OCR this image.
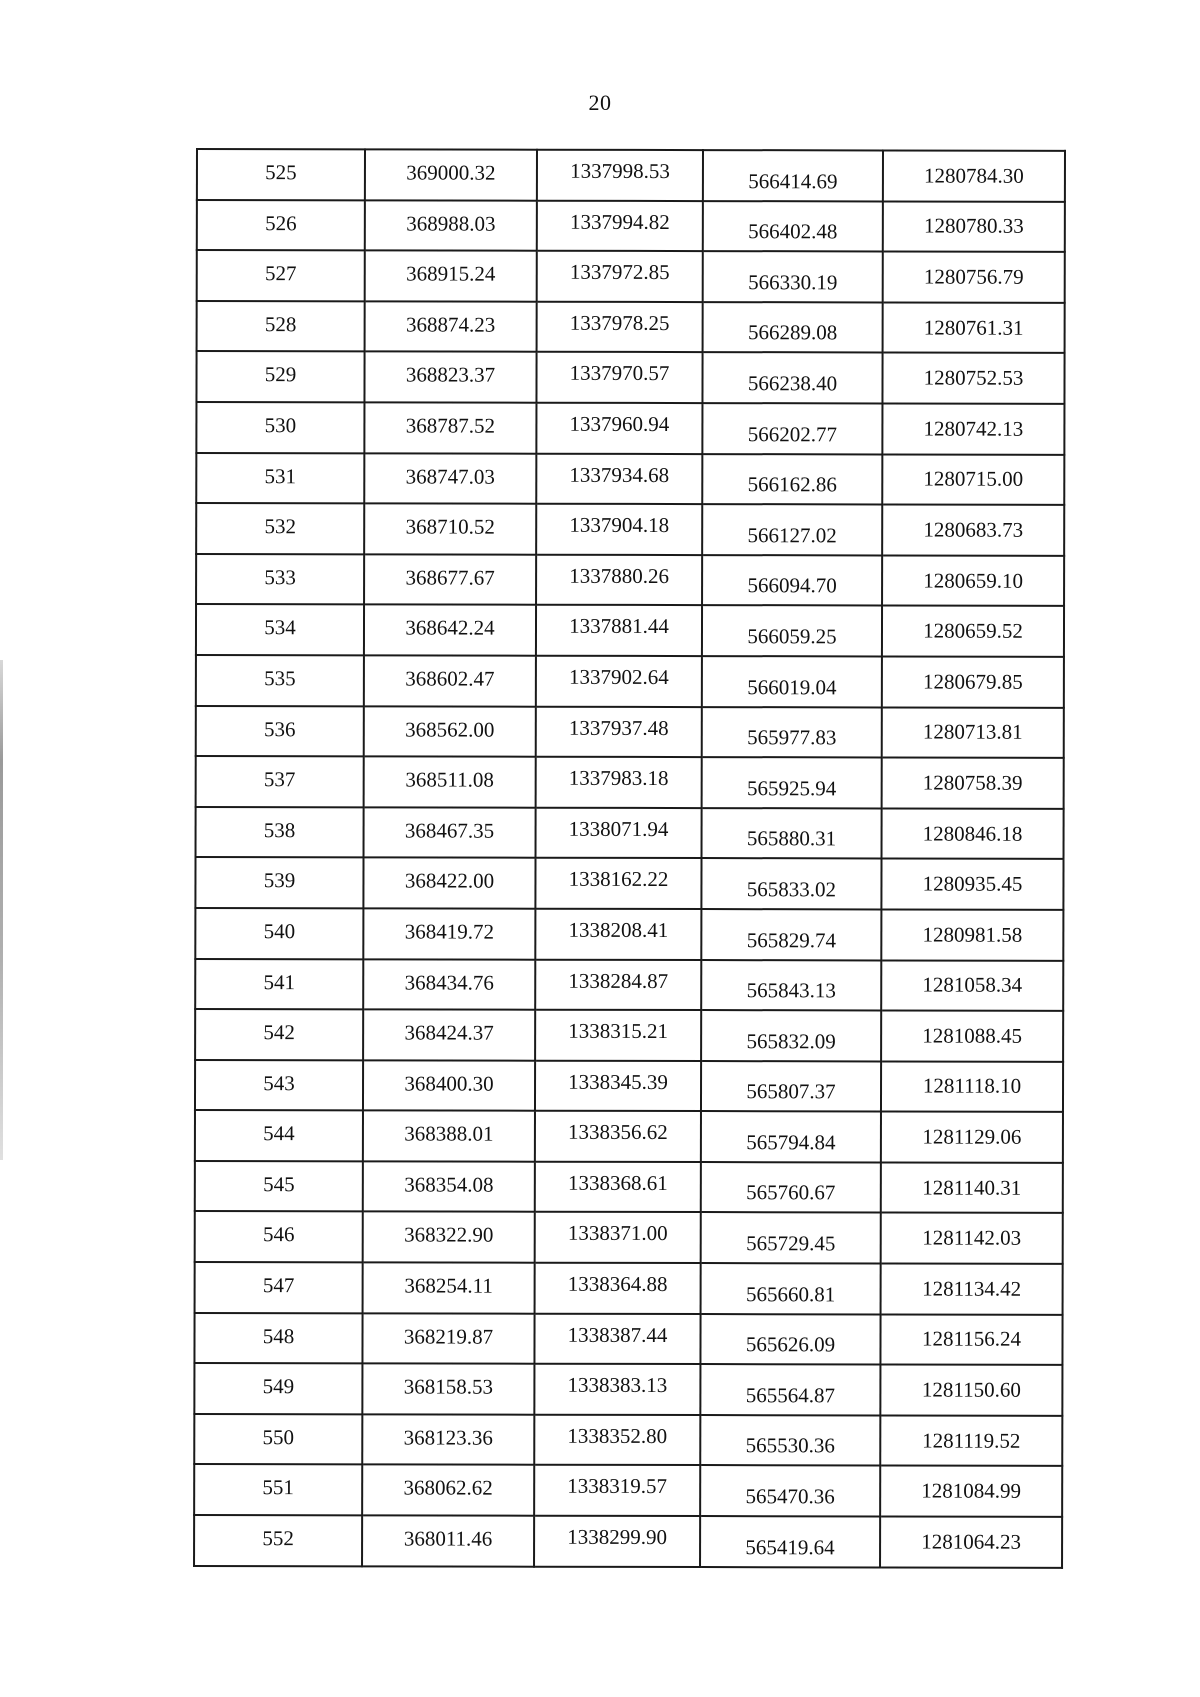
20
525	369000.32	1337998.53	566414.69	1280784.30
526	368988.03	1337994.82	566402.48	1280780.33
527	368915.24	1337972.85	566330.19	1280756.79
528	368874.23	1337978.25	566289.08	1280761.31
529	368823.37	1337970.57	566238.40	1280752.53
530	368787.52	1337960.94	566202.77	1280742.13
531	368747.03	1337934.68	566162.86	1280715.00
532	368710.52	1337904.18	566127.02	1280683.73
533	368677.67	1337880.26	566094.70	1280659.10
534	368642.24	1337881.44	566059.25	1280659.52
535	368602.47	1337902.64	566019.04	1280679.85
536	368562.00	1337937.48	565977.83	1280713.81
537	368511.08	1337983.18	565925.94	1280758.39
538	368467.35	1338071.94	565880.31	1280846.18
539	368422.00	1338162.22	565833.02	1280935.45
540	368419.72	1338208.41	565829.74	1280981.58
541	368434.76	1338284.87	565843.13	1281058.34
542	368424.37	1338315.21	565832.09	1281088.45
543	368400.30	1338345.39	565807.37	1281118.10
544	368388.01	1338356.62	565794.84	1281129.06
545	368354.08	1338368.61	565760.67	1281140.31
546	368322.90	1338371.00	565729.45	1281142.03
547	368254.11	1338364.88	565660.81	1281134.42
548	368219.87	1338387.44	565626.09	1281156.24
549	368158.53	1338383.13	565564.87	1281150.60
550	368123.36	1338352.80	565530.36	1281119.52
551	368062.62	1338319.57	565470.36	1281084.99
552	368011.46	1338299.90	565419.64	1281064.23
